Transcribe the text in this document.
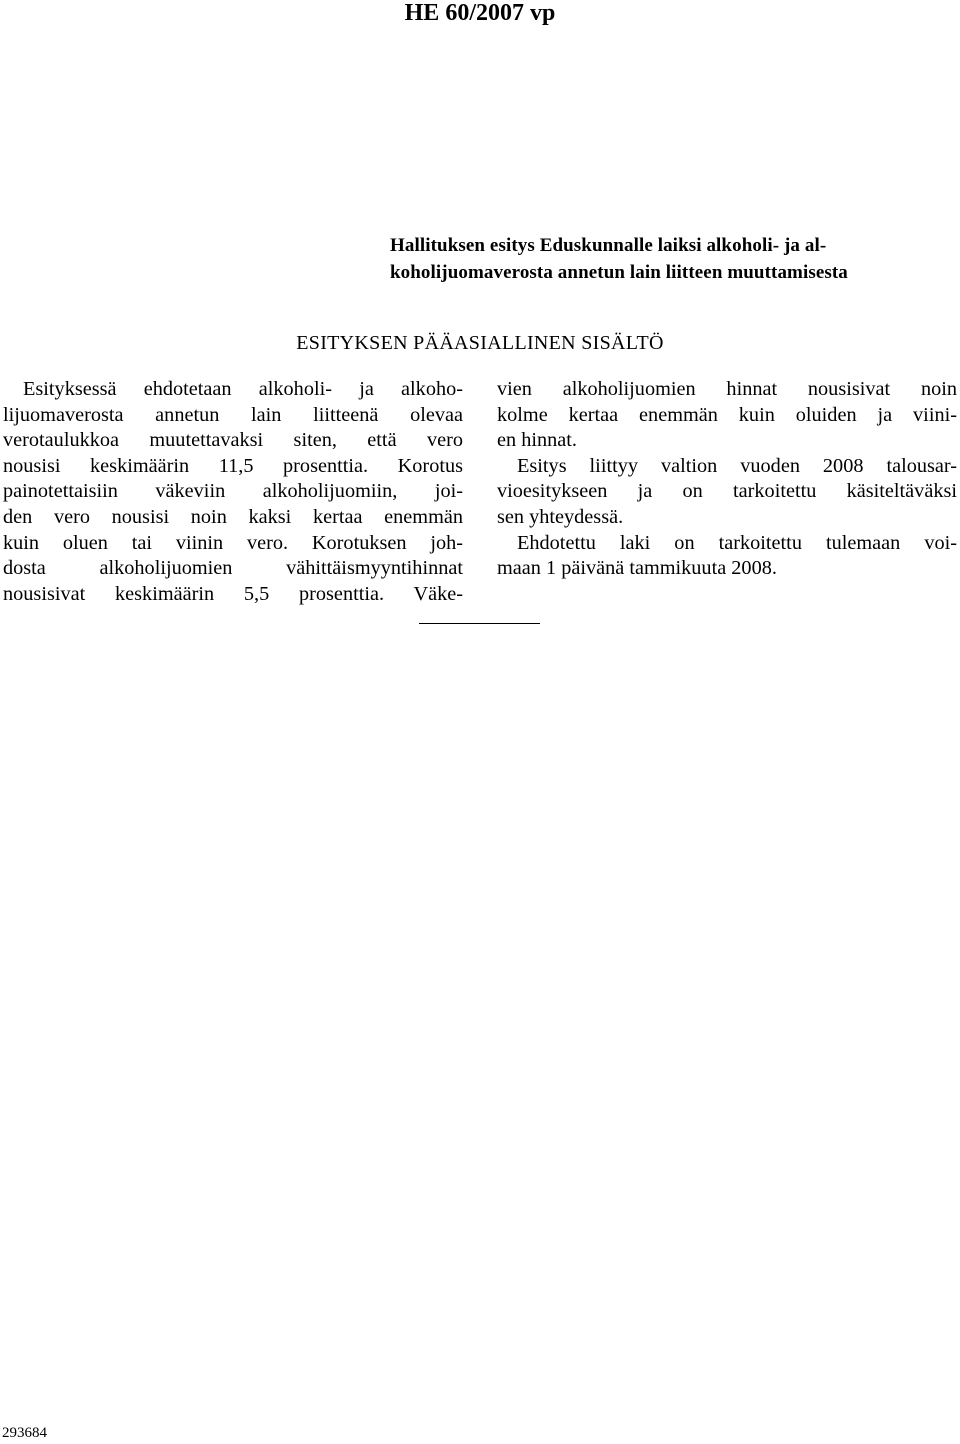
HE 60/2007 vp
Hallituksen esitys Eduskunnalle laiksi alkoholi- ja al-
koholijuomaverosta annetun lain liitteen muuttamisesta
ESITYKSEN PÄÄASIALLINEN SISÄLTÖ
Esityksessä ehdotetaan alkoholi- ja alkoho-
lijuomaverosta annetun lain liitteenä olevaa
verotaulukkoa muutettavaksi siten, että vero
nousisi keskimäärin 11,5 prosenttia. Korotus
painotettaisiin väkeviin alkoholijuomiin, joi-
den vero nousisi noin kaksi kertaa enemmän
kuin oluen tai viinin vero. Korotuksen joh-
dosta alkoholijuomien vähittäismyyntihinnat
nousisivat keskimäärin 5,5 prosenttia. Väke-
vien alkoholijuomien hinnat nousisivat noin
kolme kertaa enemmän kuin oluiden ja viini-
en hinnat.
Esitys liittyy valtion vuoden 2008 talousar-
vioesitykseen ja on tarkoitettu käsiteltäväksi
sen yhteydessä.
Ehdotettu laki on tarkoitettu tulemaan voi-
maan 1 päivänä tammikuuta 2008.
293684
